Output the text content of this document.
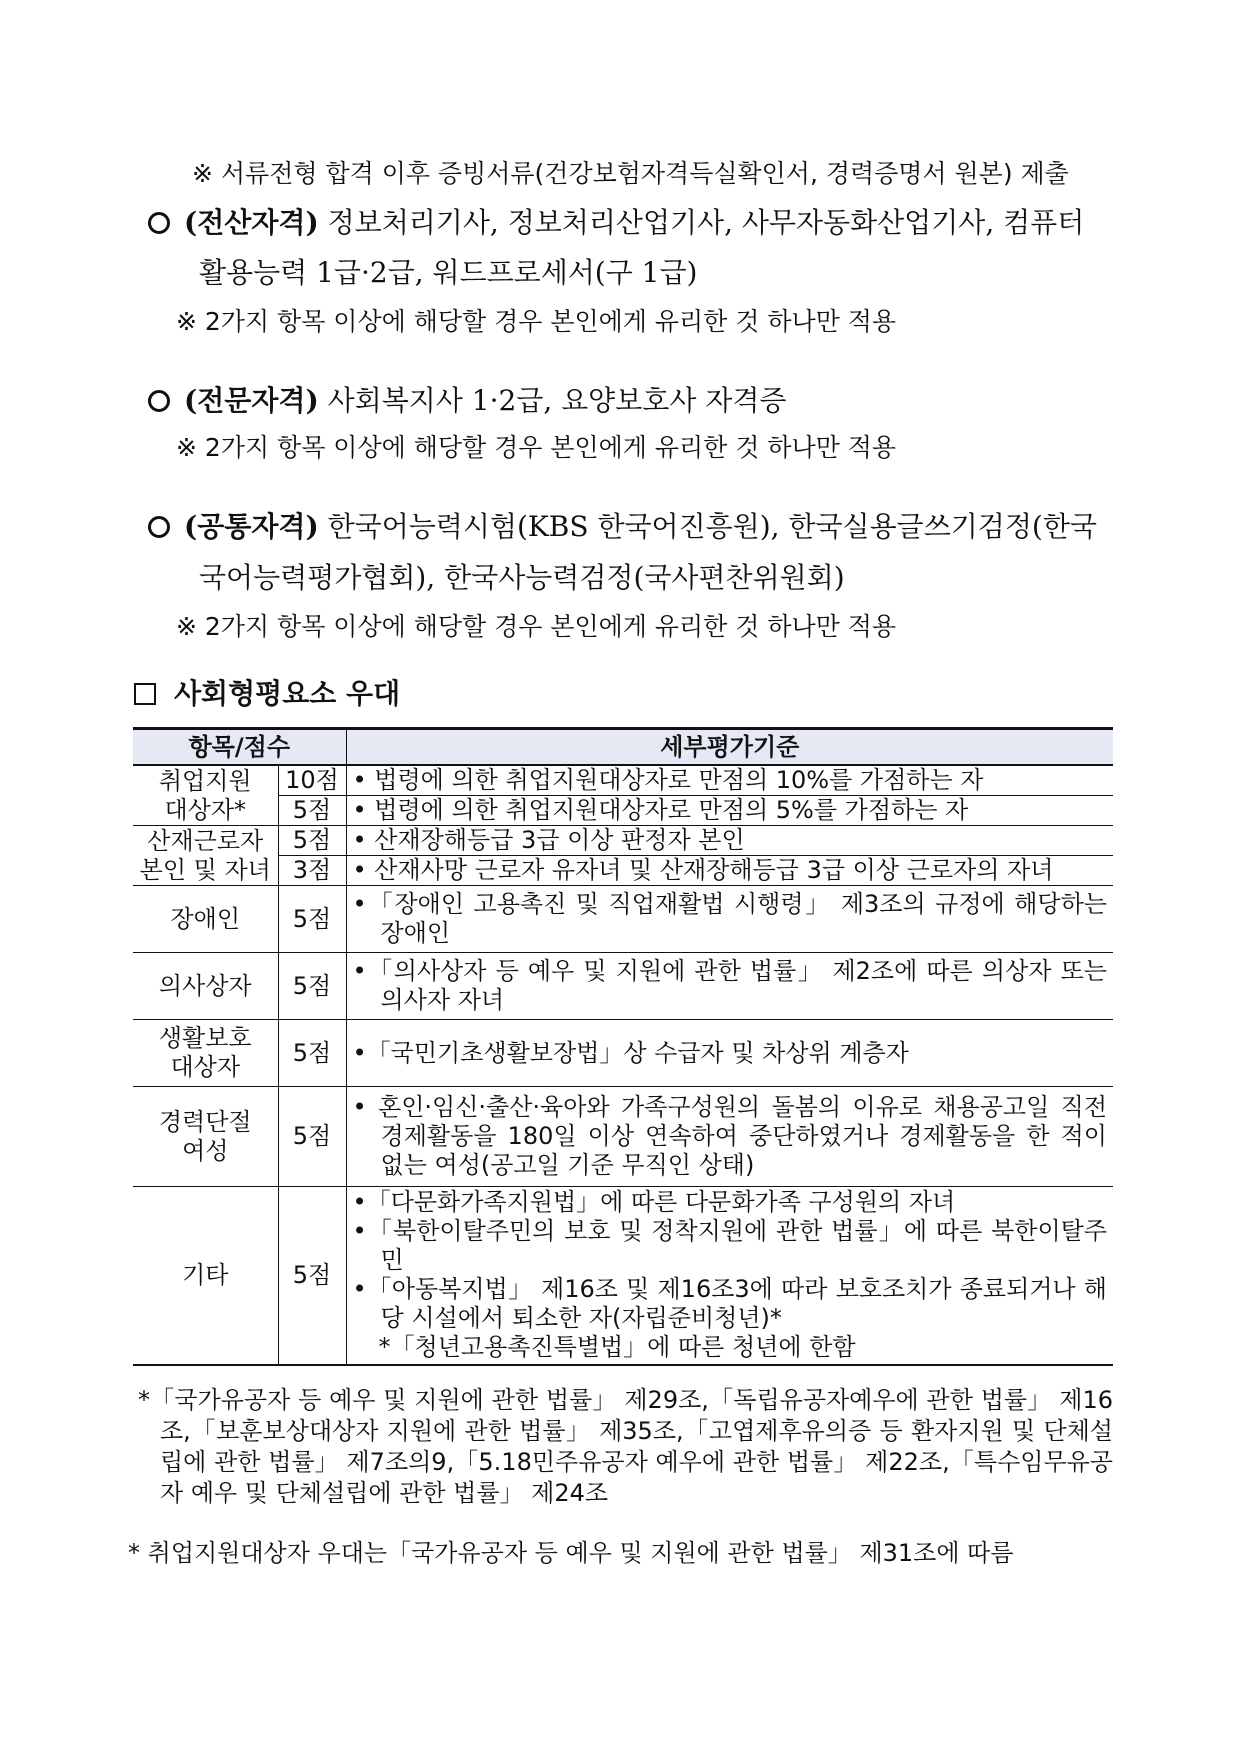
※ 서류전형 합격 이후 증빙서류(건강보험자격득실확인서, 경력증명서 원본) 제출
(전산자격) 정보처리기사, 정보처리산업기사, 사무자동화산업기사, 컴퓨터
활용능력 1급·2급, 워드프로세서(구 1급)
※ 2가지 항목 이상에 해당할 경우 본인에게 유리한 것 하나만 적용
(전문자격) 사회복지사 1·2급, 요양보호사 자격증
※ 2가지 항목 이상에 해당할 경우 본인에게 유리한 것 하나만 적용
(공통자격) 한국어능력시험(KBS 한국어진흥원), 한국실용글쓰기검정(한국
국어능력평가협회), 한국사능력검정(국사편찬위원회)
※ 2가지 항목 이상에 해당할 경우 본인에게 유리한 것 하나만 적용
사회형평요소 우대
항목/점수		세부평가기준
취업지원
대상자*	10점	• 법령에 의한 취업지원대상자로 만점의 10%를 가점하는 자

	5점	• 법령에 의한 취업지원대상자로 만점의 5%를 가점하는 자

산재근로자
본인 및 자녀	5점	• 산재장해등급 3급 이상 판정자 본인

	3점	• 산재사망 근로자 유자녀 및 산재장해등급 3급 이상 근로자의 자녀

장애인	5점	•「장애인 고용촉진 및 직업재활법 시행령」 제3조의 규정에 해당하는 장애인

의사상자	5점	•「의사상자 등 예우 및 지원에 관한 법률」 제2조에 따른 의상자 또는 의사자 자녀

생활보호
대상자	5점	•「국민기초생활보장법」상 수급자 및 차상위 계층자

경력단절
여성	5점	• 혼인·임신·출산·육아와 가족구성원의 돌봄의 이유로 채용공고일 직전 경제활동을 180일 이상 연속하여 중단하였거나 경제활동을 한 적이 없는 여성(공고일 기준 무직인 상태)

기타	5점	•「다문화가족지원법」에 따른 다문화가족 구성원의 자녀
•「북한이탈주민의 보호 및 정착지원에 관한 법률」에 따른 북한이탈주민
•「아동복지법」 제16조 및 제16조3에 따라 보호조치가 종료되거나 해당 시설에서 퇴소한 자(자립준비청년)*
*「청년고용촉진특별법」에 따른 청년에 한함
*「국가유공자 등 예우 및 지원에 관한 법률」 제29조,「독립유공자예우에 관한 법률」 제16조,「보훈보상대상자 지원에 관한 법률」 제35조,「고엽제후유의증 등 환자지원 및 단체설립에 관한 법률」 제7조의9,「5.18민주유공자 예우에 관한 법률」 제22조,「특수임무유공자 예우 및 단체설립에 관한 법률」 제24조
* 취업지원대상자 우대는「국가유공자 등 예우 및 지원에 관한 법률」 제31조에 따름
